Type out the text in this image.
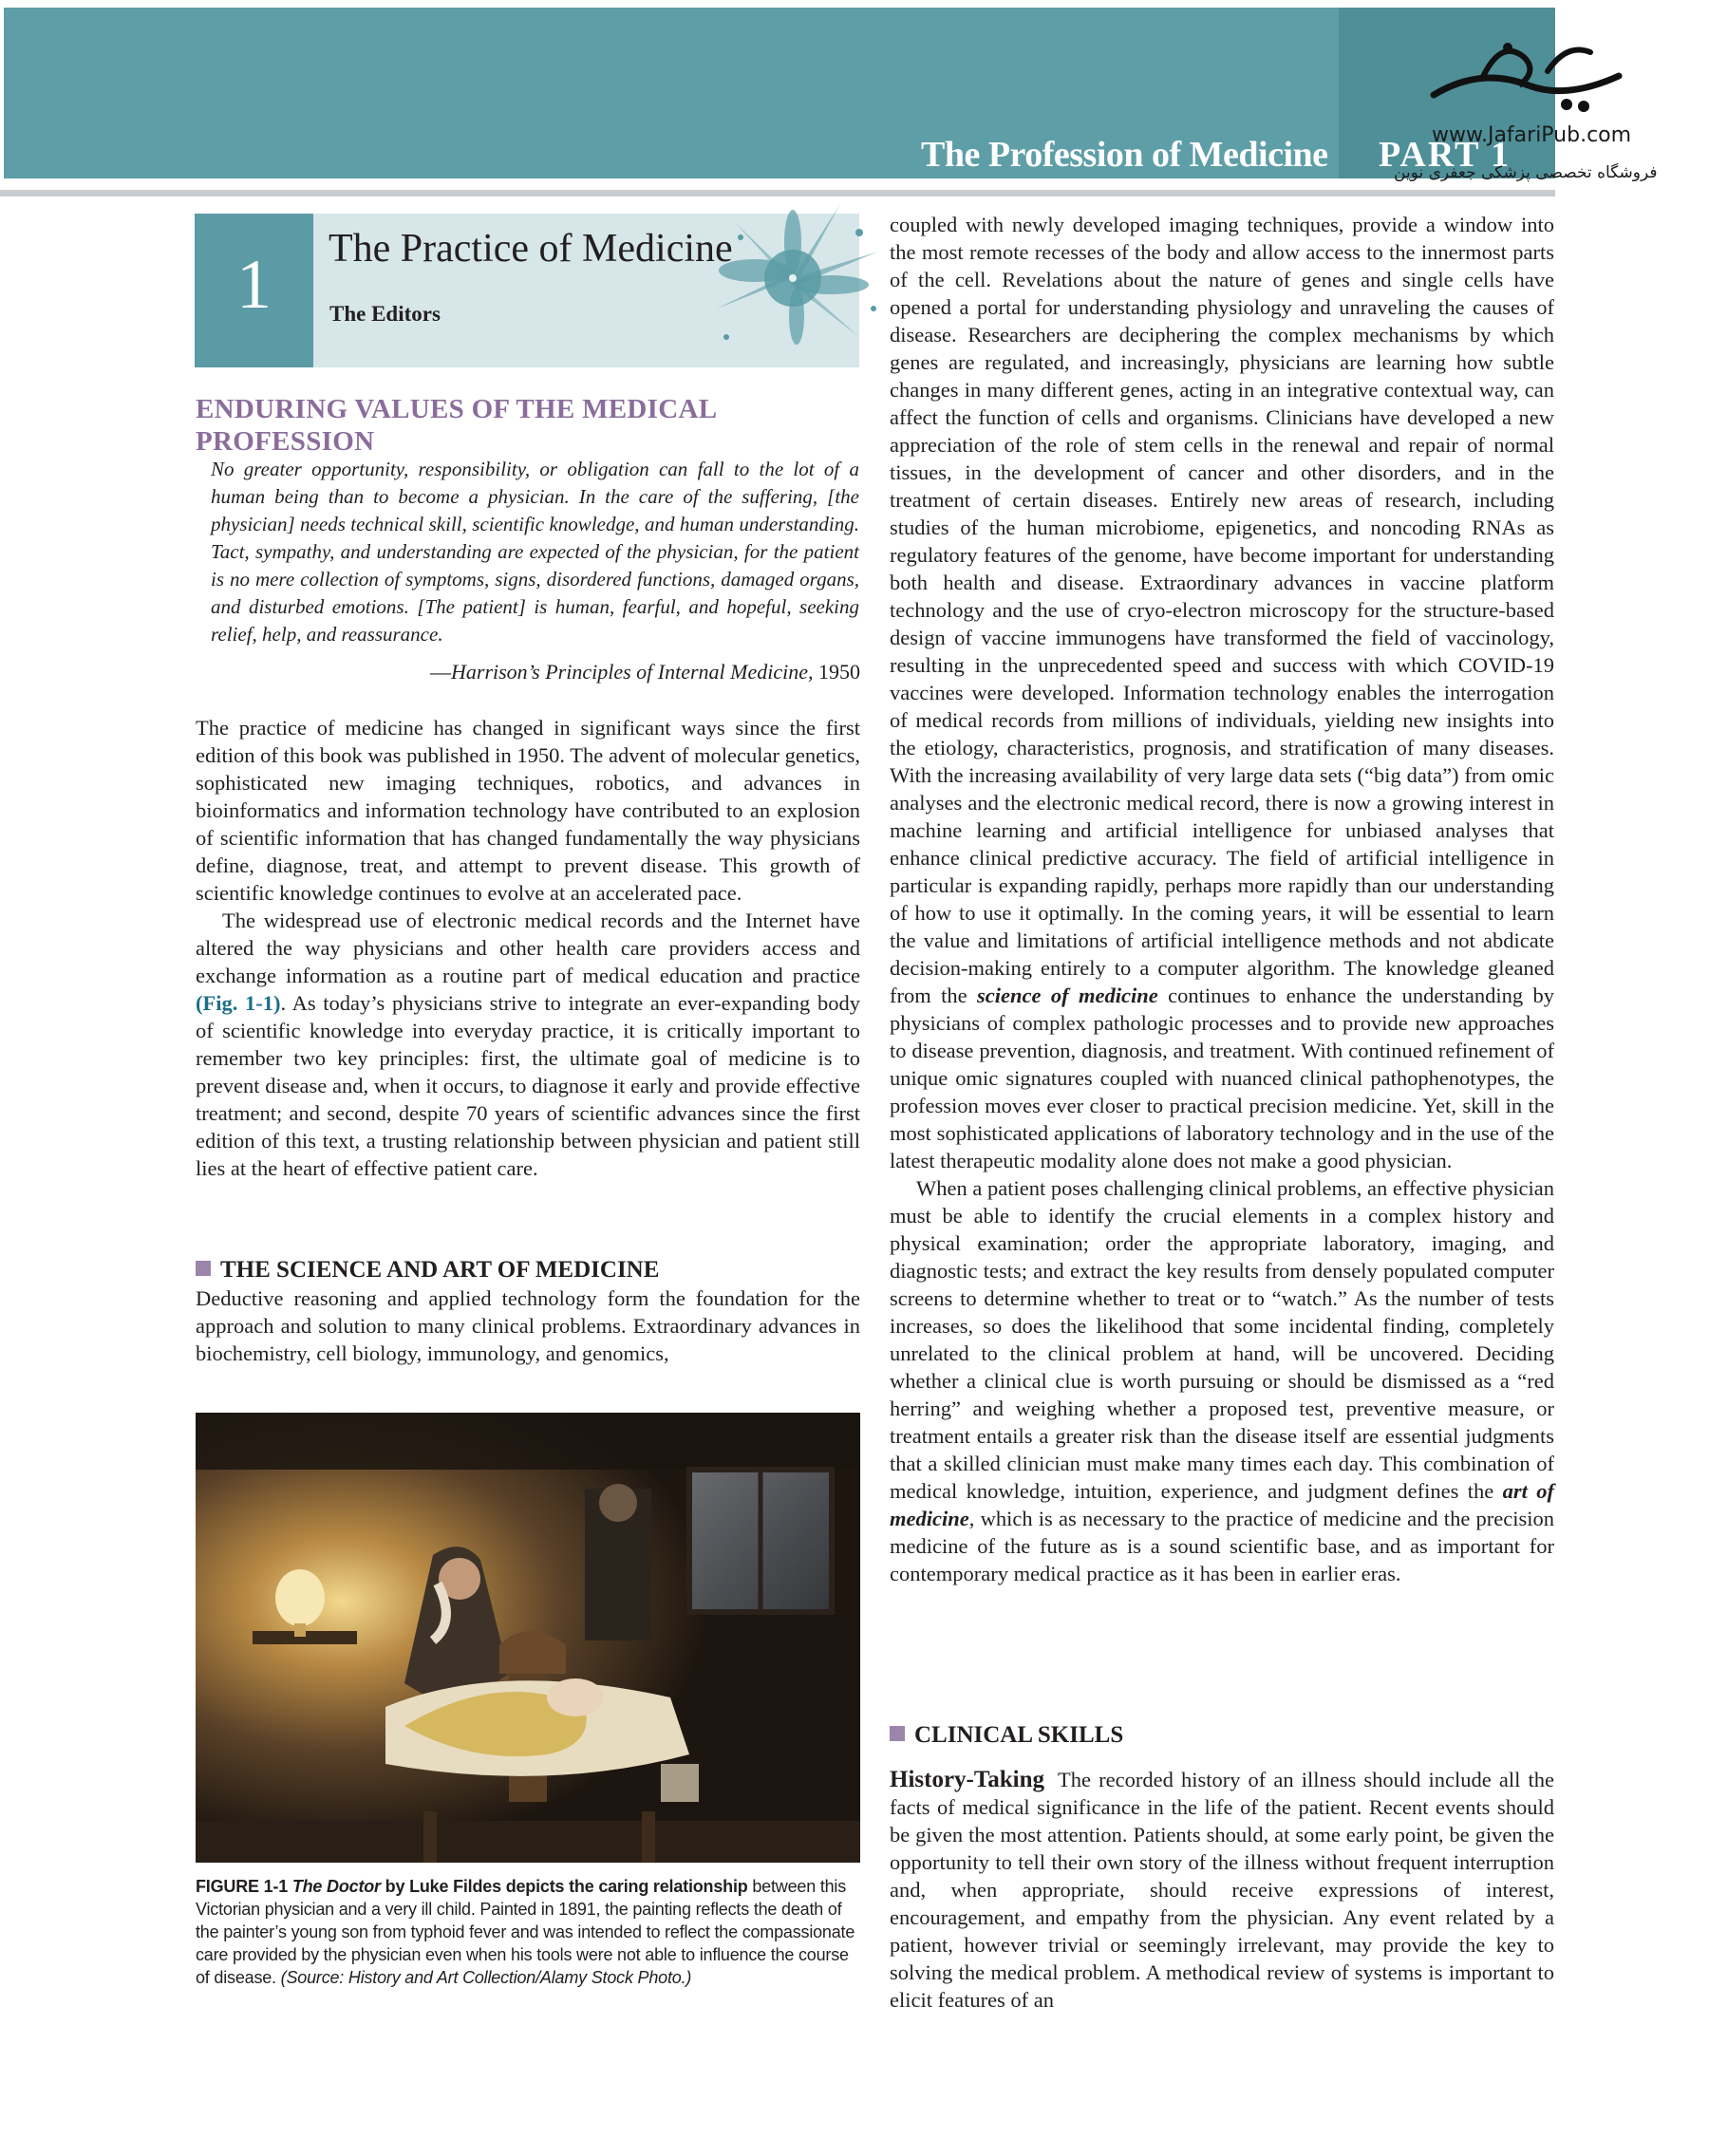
The Profession of Medicine PART 1
جعفری
www.JafariPub.com
فروشگاه تخصصی پزشکی جعفری نوین
1	The Practice of Medicine
The Editors
ENDURING VALUES OF THE MEDICAL PROFESSION

No greater opportunity, responsibility, or obligation can fall to the lot of a human being than to become a physician. In the care of the suffering, [the physician] needs technical skill, scientific knowledge, and human understanding. Tact, sympathy, and understanding are expected of the physician, for the patient is no mere collection of symptoms, signs, disordered functions, damaged organs, and disturbed emotions. [The patient] is human, fearful, and hopeful, seeking relief, help, and reassurance.

—Harrison’s Principles of Internal Medicine, 1950

The practice of medicine has changed in significant ways since the first edition of this book was published in 1950. The advent of molecular genetics, sophisticated new imaging techniques, robotics, and advances in bioinformatics and information technology have contributed to an explosion of scientific information that has changed fundamentally the way physicians define, diagnose, treat, and attempt to prevent disease. This growth of scientific knowledge continues to evolve at an accelerated pace.

The widespread use of electronic medical records and the Internet have altered the way physicians and other health care providers access and exchange information as a routine part of medical education and practice (Fig. 1-1). As today’s physicians strive to integrate an ever-expanding body of scientific knowledge into everyday practice, it is critically important to remember two key principles: first, the ultimate goal of medicine is to prevent disease and, when it occurs, to diagnose it early and provide effective treatment; and second, despite 70 years of scientific advances since the first edition of this text, a trusting relationship between physician and patient still lies at the heart of effective patient care.

THE SCIENCE AND ART OF MEDICINE

Deductive reasoning and applied technology form the foundation for the approach and solution to many clinical problems. Extraordinary advances in biochemistry, cell biology, immunology, and genomics,

FIGURE 1-1 The Doctor by Luke Fildes depicts the caring relationship between this Victorian physician and a very ill child. Painted in 1891, the painting reflects the death of the painter’s young son from typhoid fever and was intended to reflect the compassionate care provided by the physician even when his tools were not able to influence the course of disease. (Source: History and Art Collection/Alamy Stock Photo.)

coupled with newly developed imaging techniques, provide a window into the most remote recesses of the body and allow access to the innermost parts of the cell. Revelations about the nature of genes and single cells have opened a portal for understanding physiology and unraveling the causes of disease. Researchers are deciphering the complex mechanisms by which genes are regulated, and increasingly, physicians are learning how subtle changes in many different genes, acting in an integrative contextual way, can affect the function of cells and organisms. Clinicians have developed a new appreciation of the role of stem cells in the renewal and repair of normal tissues, in the development of cancer and other disorders, and in the treatment of certain diseases. Entirely new areas of research, including studies of the human microbiome, epigenetics, and noncoding RNAs as regulatory features of the genome, have become important for understanding both health and disease. Extraordinary advances in vaccine platform technology and the use of cryo-electron microscopy for the structure-based design of vaccine immunogens have transformed the field of vaccinology, resulting in the unprecedented speed and success with which COVID-19 vaccines were developed. Information technology enables the interrogation of medical records from millions of individuals, yielding new insights into the etiology, characteristics, prognosis, and stratification of many diseases. With the increasing availability of very large data sets (“big data”) from omic analyses and the electronic medical record, there is now a growing interest in machine learning and artificial intelligence for unbiased analyses that enhance clinical predictive accuracy. The field of artificial intelligence in particular is expanding rapidly, perhaps more rapidly than our understanding of how to use it optimally. In the coming years, it will be essential to learn the value and limitations of artificial intelligence methods and not abdicate decision-making entirely to a computer algorithm. The knowledge gleaned from the science of medicine continues to enhance the understanding by physicians of complex pathologic processes and to provide new approaches to disease prevention, diagnosis, and treatment. With continued refinement of unique omic signatures coupled with nuanced clinical pathophenotypes, the profession moves ever closer to practical precision medicine. Yet, skill in the most sophisticated applications of laboratory technology and in the use of the latest therapeutic modality alone does not make a good physician.

When a patient poses challenging clinical problems, an effective physician must be able to identify the crucial elements in a complex history and physical examination; order the appropriate laboratory, imaging, and diagnostic tests; and extract the key results from densely populated computer screens to determine whether to treat or to “watch.” As the number of tests increases, so does the likelihood that some incidental finding, completely unrelated to the clinical problem at hand, will be uncovered. Deciding whether a clinical clue is worth pursuing or should be dismissed as a “red herring” and weighing whether a proposed test, preventive measure, or treatment entails a greater risk than the disease itself are essential judgments that a skilled clinician must make many times each day. This combination of medical knowledge, intuition, experience, and judgment defines the art of medicine, which is as necessary to the practice of medicine and the precision medicine of the future as is a sound scientific base, and as important for contemporary medical practice as it has been in earlier eras.

CLINICAL SKILLS

History-Taking The recorded history of an illness should include all the facts of medical significance in the life of the patient. Recent events should be given the most attention. Patients should, at some early point, be given the opportunity to tell their own story of the illness without frequent interruption and, when appropriate, should receive expressions of interest, encouragement, and empathy from the physician. Any event related by a patient, however trivial or seemingly irrelevant, may provide the key to solving the medical problem. A methodical review of systems is important to elicit features of an
